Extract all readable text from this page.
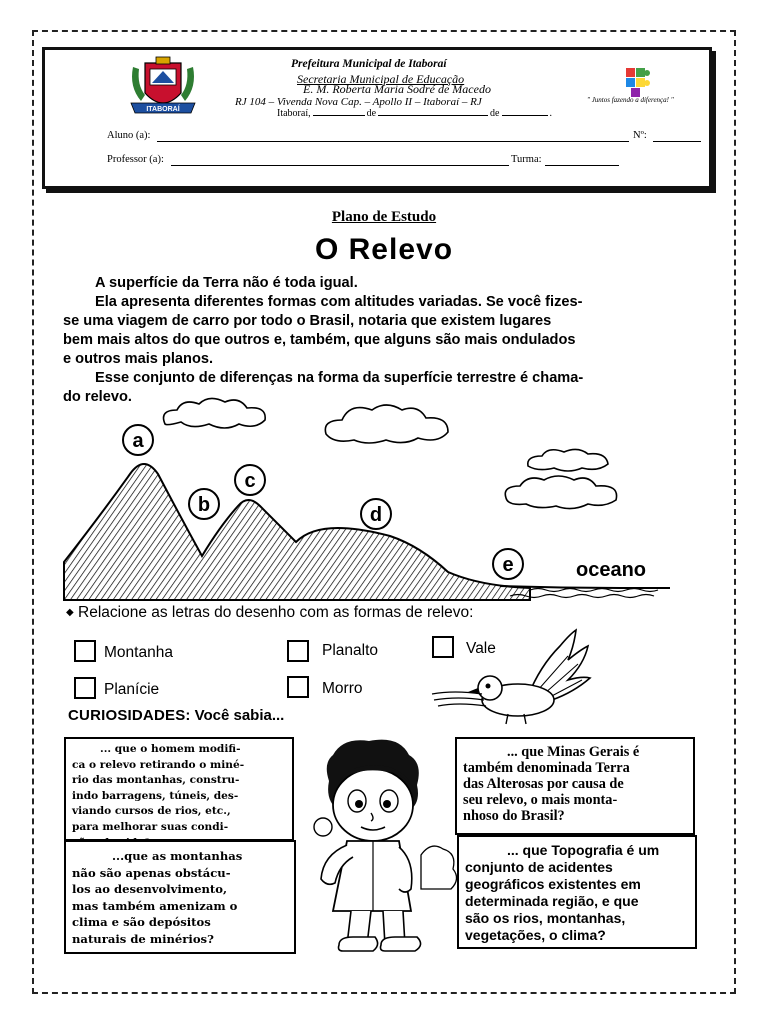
ITABORAÍ
Prefeitura Municipal de Itaboraí
Secretaria Municipal de Educação
E. M. Roberta Maria Sodré de Macedo
RJ 104 – Vivenda Nova Cap. – Apollo II – Itaboraí – RJ
Itaboraí,	de	de	.
" Juntos fazendo a diferença! "
Aluno (a):	Nº:
Professor (a):	Turma:
Plano de Estudo
O Relevo
A superfície da Terra não é toda igual.
Ela apresenta diferentes formas com altitudes variadas. Se você fizes-
se uma viagem de carro por todo o Brasil, notaria que existem lugares
bem mais altos do que outros e, também, que alguns são mais ondulados
e outros mais planos.
Esse conjunto de diferenças na forma da superfície terrestre é chama-
do relevo.
a
b
c
d
e	oceano
◆ Relacione as letras do desenho com as formas de relevo:
Montanha	Planalto	Vale
Planície	Morro
CURIOSIDADES: Você sabia...
... que o homem modifi-
ca o relevo retirando o miné-
rio das montanhas, constru-
indo barragens, túneis, des-
viando cursos de rios, etc.,
para melhorar suas condi-
...que as montanhas
não são apenas obstácu-
los ao desenvolvimento,
mas também amenizam o
clima e são depósitos
naturais de minérios?
... que Minas Gerais é
também denominada Terra
das Alterosas por causa de
seu relevo, o mais monta-
nhoso do Brasil?
... que Topografia é um
conjunto de acidentes
geográficos existentes em
determinada região, e que
são os rios, montanhas,
vegetações, o clima?
